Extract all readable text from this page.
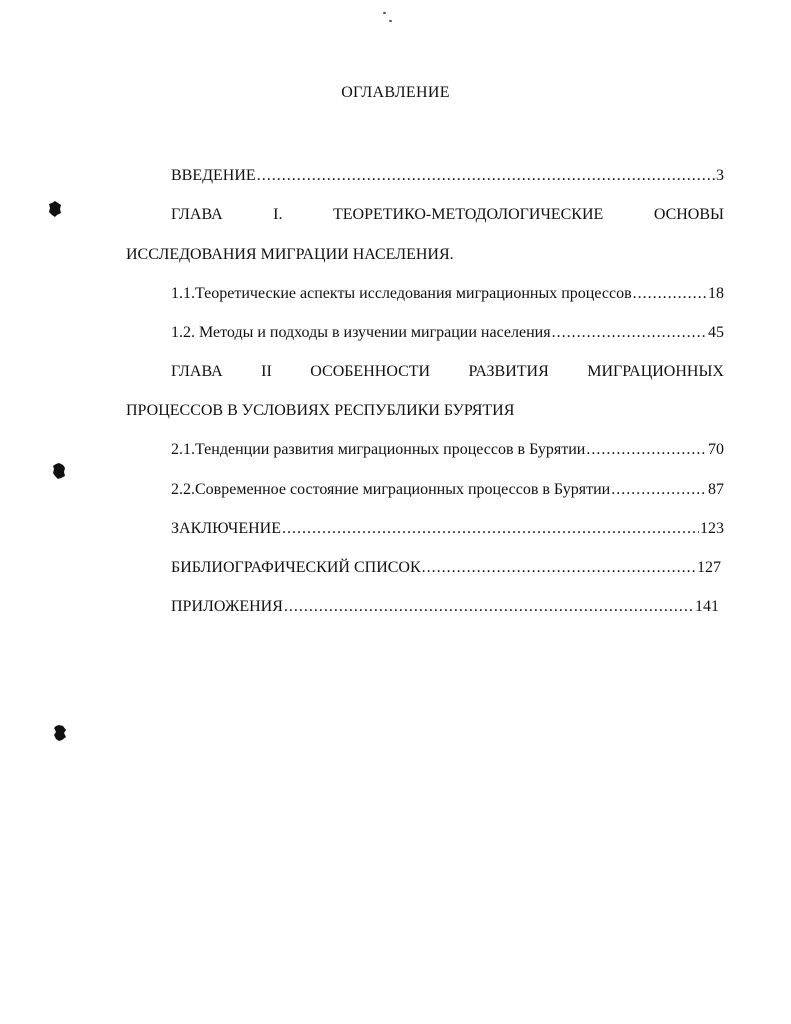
ОГЛАВЛЕНИЕ
ВВЕДЕНИЕ .....	3
ГЛАВА	I.	ТЕОРЕТИКО-МЕТОДОЛОГИЧЕСКИЕ	ОСНОВЫ
ИССЛЕДОВАНИЯ МИГРАЦИИ НАСЕЛЕНИЯ.
1.1.Теоретические аспекты исследования миграционных процессов .....	18
1.2. Методы и подходы в изучении миграции населения .....	45
ГЛАВА II ОСОБЕННОСТИ РАЗВИТИЯ МИГРАЦИОННЫХ
ПРОЦЕССОВ В УСЛОВИЯХ РЕСПУБЛИКИ БУРЯТИЯ
2.1.Тенденции развития миграционных процессов в Бурятии .....	70
2.2.Современное состояние миграционных процессов в Бурятии .....	87
ЗАКЛЮЧЕНИЕ .....	123
БИБЛИОГРАФИЧЕСКИЙ СПИСОК .....	127
ПРИЛОЖЕНИЯ .....	141
